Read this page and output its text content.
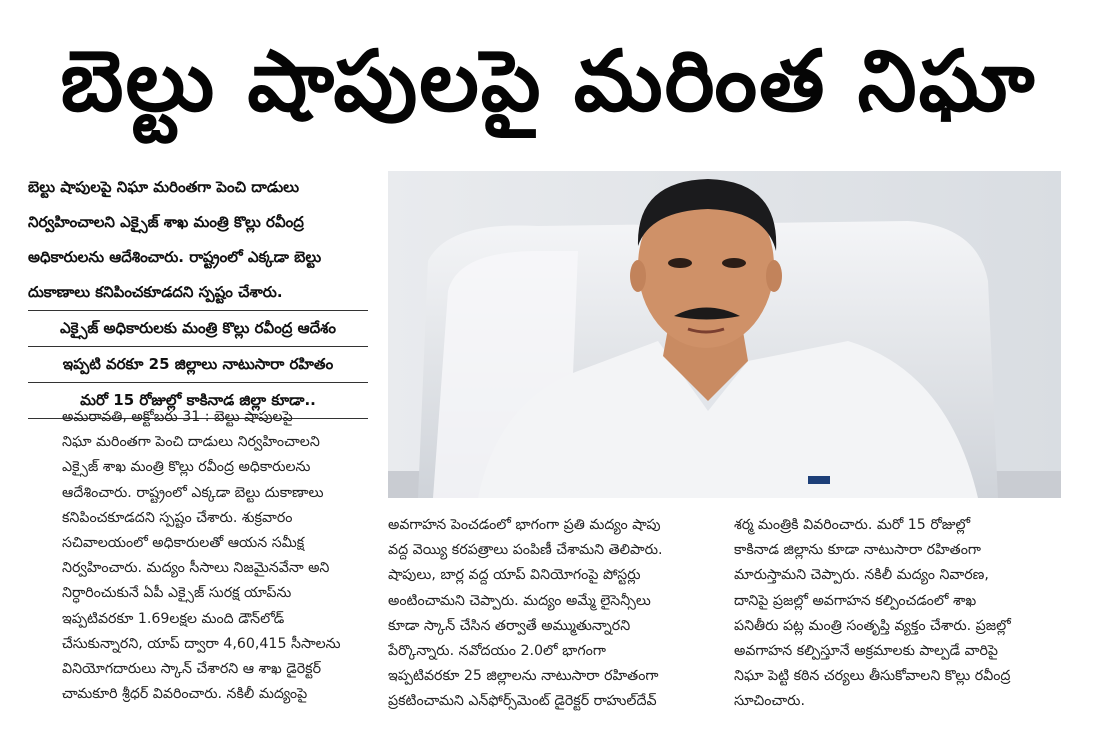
బెల్టు షాపులపై మరింత నిఘా
బెల్టు షాపులపై నిఘా మరింతగా పెంచి దాడులు
నిర్వహించాలని ఎక్సైజ్ శాఖ మంత్రి కొల్లు రవీంద్ర
అధికారులను ఆదేశించారు. రాష్ట్రంలో ఎక్కడా బెల్టు
దుకాణాలు కనిపించకూడదని స్పష్టం చేశారు.
ఎక్సైజ్ అధికారులకు మంత్రి కొల్లు రవీంద్ర ఆదేశం
ఇప్పటి వరకూ 25 జిల్లాలు నాటుసారా రహితం
మరో 15 రోజుల్లో కాకినాడ జిల్లా కూడా..
అమరావతి, అక్టోబరు 31 : బెల్టు షాపులపై
నిఘా మరింతగా పెంచి దాడులు నిర్వహించాలని
ఎక్సైజ్ శాఖ మంత్రి కొల్లు రవీంద్ర అధికారులను
ఆదేశించారు. రాష్ట్రంలో ఎక్కడా బెల్టు దుకాణాలు
కనిపించకూడదని స్పష్టం చేశారు. శుక్రవారం
సచివాలయంలో అధికారులతో ఆయన సమీక్ష
నిర్వహించారు. మద్యం సీసాలు నిజమైనవేనా అని
నిర్ధారించుకునే ఏపీ ఎక్సైజ్ సురక్ష యాప్‌ను
ఇప్పటివరకూ 1.69లక్షల మంది డౌన్‌లోడ్
చేసుకున్నారని, యాప్ ద్వారా 4,60,415 సీసాలను
వినియోగదారులు స్కాన్ చేశారని ఆ శాఖ డైరెక్టర్
చామకూరి శ్రీధర్ వివరించారు. నకిలీ మద్యంపై
అవగాహన పెంచడంలో భాగంగా ప్రతి మద్యం షాపు
వద్ద వెయ్యి కరపత్రాలు పంపిణీ చేశామని తెలిపారు.
షాపులు, బార్ల వద్ద యాప్ వినియోగంపై పోస్టర్లు
అంటించామని చెప్పారు. మద్యం అమ్మే లైసెన్సీలు
కూడా స్కాన్ చేసిన తర్వాతే అమ్ముతున్నారని
పేర్కొన్నారు. నవోదయం 2.0లో భాగంగా
ఇప్పటివరకూ 25 జిల్లాలను నాటుసారా రహితంగా
ప్రకటించామని ఎన్‌ఫోర్స్‌మెంట్ డైరెక్టర్ రాహుల్‌దేవ్
శర్మ మంత్రికి వివరించారు. మరో 15 రోజుల్లో
కాకినాడ జిల్లాను కూడా నాటుసారా రహితంగా
మారుస్తామని చెప్పారు. నకిలీ మద్యం నివారణ,
దానిపై ప్రజల్లో అవగాహన కల్పించడంలో శాఖ
పనితీరు పట్ల మంత్రి సంతృప్తి వ్యక్తం చేశారు. ప్రజల్లో
అవగాహన కల్పిస్తూనే అక్రమాలకు పాల్పడే వారిపై
నిఘా పెట్టి కఠిన చర్యలు తీసుకోవాలని కొల్లు రవీంద్ర
సూచించారు.
